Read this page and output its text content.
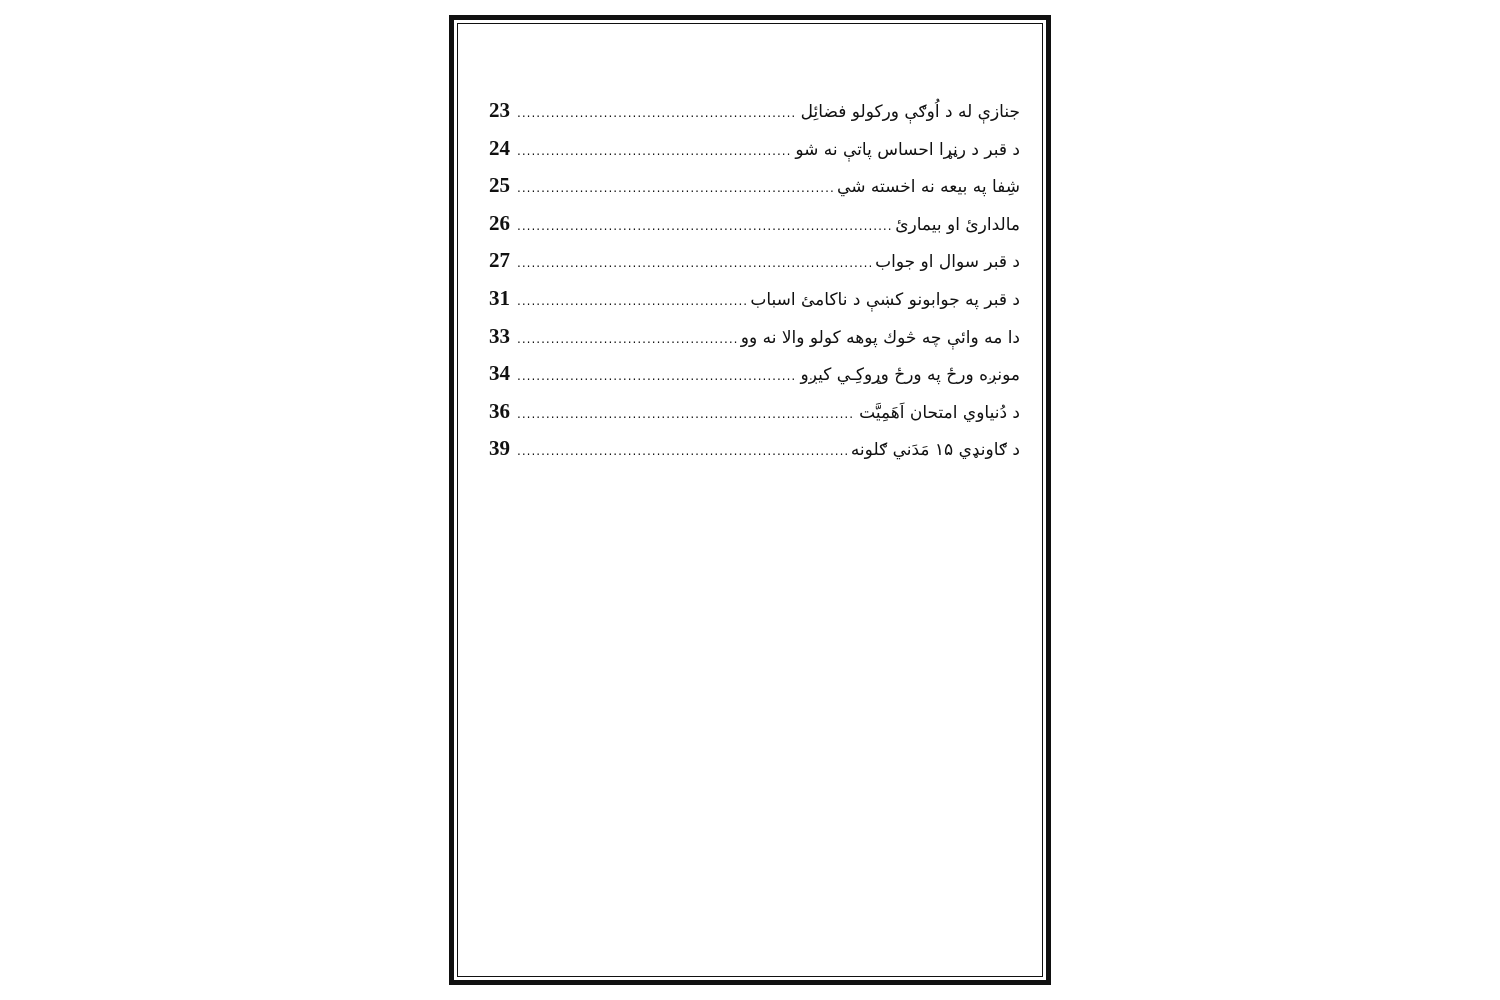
23 .....	جنازې له د اُوګې ورکولو فضائِل
24 .....	د قبر د رڼړا احساس پاتې نه شو
25 .....	شِفا په بيعه نه اخسته شي
26 .....	مالدارئ او بيمارئ
27 .....	د قبر سوال او جواب
31 .....	د قبر په جوابونو کښې د ناکامئ اسباب
33 .....	دا مه وائې چه څوك پوهه کولو والا نه وو
34 .....	مونږه ورځ په ورځ وړوکِـي کيږو
36 .....	د دُنياوي امتحان اَهَمِيَّت
39 .....	د ګاونډي ۱۵ مَدَني ګلونه
